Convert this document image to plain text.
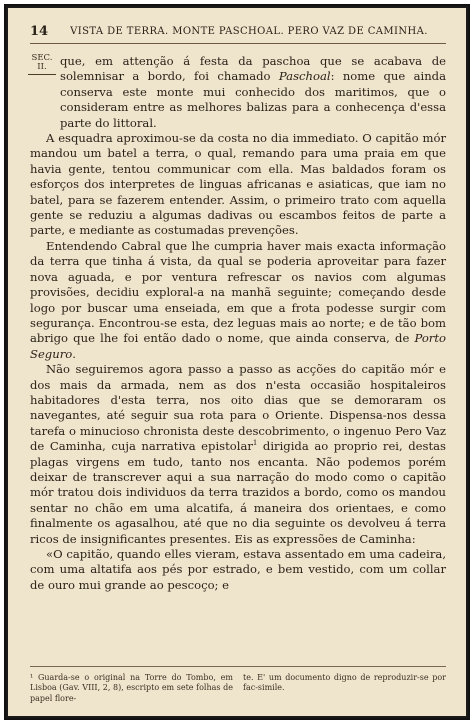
14 VISTA DE TERRA. MONTE PASCHOAL. PERO VAZ DE CAMINHA.
SEC.
II.	que, em attenção á festa da paschoa que se acabava de solemnisar a bordo, foi chamado Paschoal: nome que ainda conserva este monte mui conhecido dos maritimos, que o consideram entre as melhores balizas para a conhecença d'essa parte do littoral.

A esquadra aproximou-se da costa no dia immediato. O capitão mór mandou um batel a terra, o qual, remando para uma praia em que havia gente, tentou communicar com ella. Mas baldados foram os esforços dos interpretes de linguas africanas e asiaticas, que iam no batel, para se fazerem entender. Assim, o primeiro trato com aquella gente se reduziu a algumas dadivas ou escambos feitos de parte a parte, e mediante as costumadas prevenções.

Entendendo Cabral que lhe cumpria haver mais exacta informação da terra que tinha á vista, da qual se poderia aproveitar para fazer nova aguada, e por ventura refrescar os navios com algumas provisões, decidiu exploral-a na manhã seguinte; começando desde logo por buscar uma enseiada, em que a frota podesse surgir com segurança. Encontrou-se esta, dez leguas mais ao norte; e de tão bom abrigo que lhe foi então dado o nome, que ainda conserva, de Porto Seguro.

Não seguiremos agora passo a passo as acções do capitão mór e dos mais da armada, nem as dos n'esta occasião hospitaleiros habitadores d'esta terra, nos oito dias que se demoraram os navegantes, até seguir sua rota para o Oriente. Dispensa-nos dessa tarefa o minucioso chronista deste descobrimento, o ingenuo Pero Vaz de Caminha, cuja narrativa epistolar$^1$ dirigida ao proprio rei, destas plagas virgens em tudo, tanto nos encanta. Não podemos porém deixar de transcrever aqui a sua narração do modo como o capitão mór tratou dois individuos da terra trazidos a bordo, como os mandou sentar no chão em uma alcatifa, á maneira dos orientaes, e como finalmente os agasalhou, até que no dia seguinte os devolveu á terra ricos de insignificantes presentes. Eis as expressões de Caminha:

«O capitão, quando elles vieram, estava assentado em uma cadeira, com uma altatifa aos pés por estrado, e bem vestido, com um collar de ouro mui grande ao pescoço; e

¹ Guarda-se o original na Torre do Tombo, em Lisboa (Gav. VIII, 2, 8), escripto em sete folhas de papel flore-
te. E' um documento digno de reproduzir-se por fac-simile.
